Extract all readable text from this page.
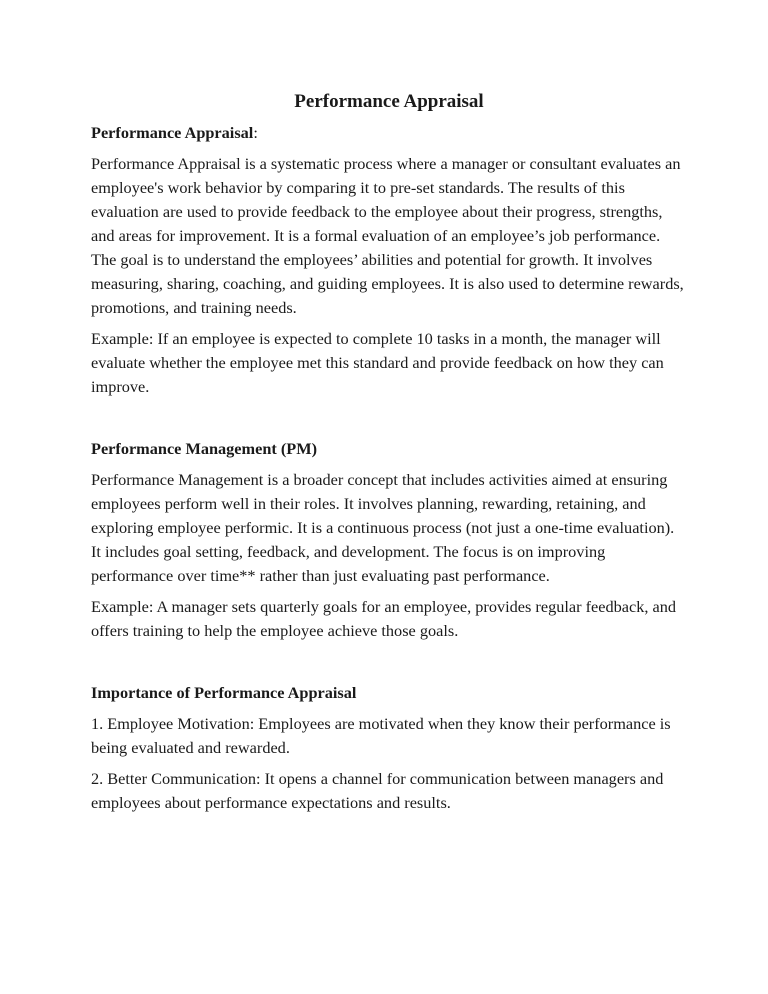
Performance Appraisal
Performance Appraisal:
Performance Appraisal is a systematic process where a manager or consultant evaluates an employee's work behavior by comparing it to pre-set standards. The results of this evaluation are used to provide feedback to the employee about their progress, strengths, and areas for improvement. It is a formal evaluation of an employee’s job performance. The goal is to understand the employees’ abilities and potential for growth. It involves measuring, sharing, coaching, and guiding employees. It is also used to determine rewards, promotions, and training needs.
Example: If an employee is expected to complete 10 tasks in a month, the manager will evaluate whether the employee met this standard and provide feedback on how they can improve.
Performance Management (PM)
Performance Management is a broader concept that includes activities aimed at ensuring employees perform well in their roles. It involves planning, rewarding, retaining, and exploring employee performic. It is a continuous process (not just a one-time evaluation). It includes goal setting, feedback, and development. The focus is on improving performance over time** rather than just evaluating past performance.
Example: A manager sets quarterly goals for an employee, provides regular feedback, and offers training to help the employee achieve those goals.
Importance of Performance Appraisal
1. Employee Motivation: Employees are motivated when they know their performance is being evaluated and rewarded.
2. Better Communication: It opens a channel for communication between managers and employees about performance expectations and results.
